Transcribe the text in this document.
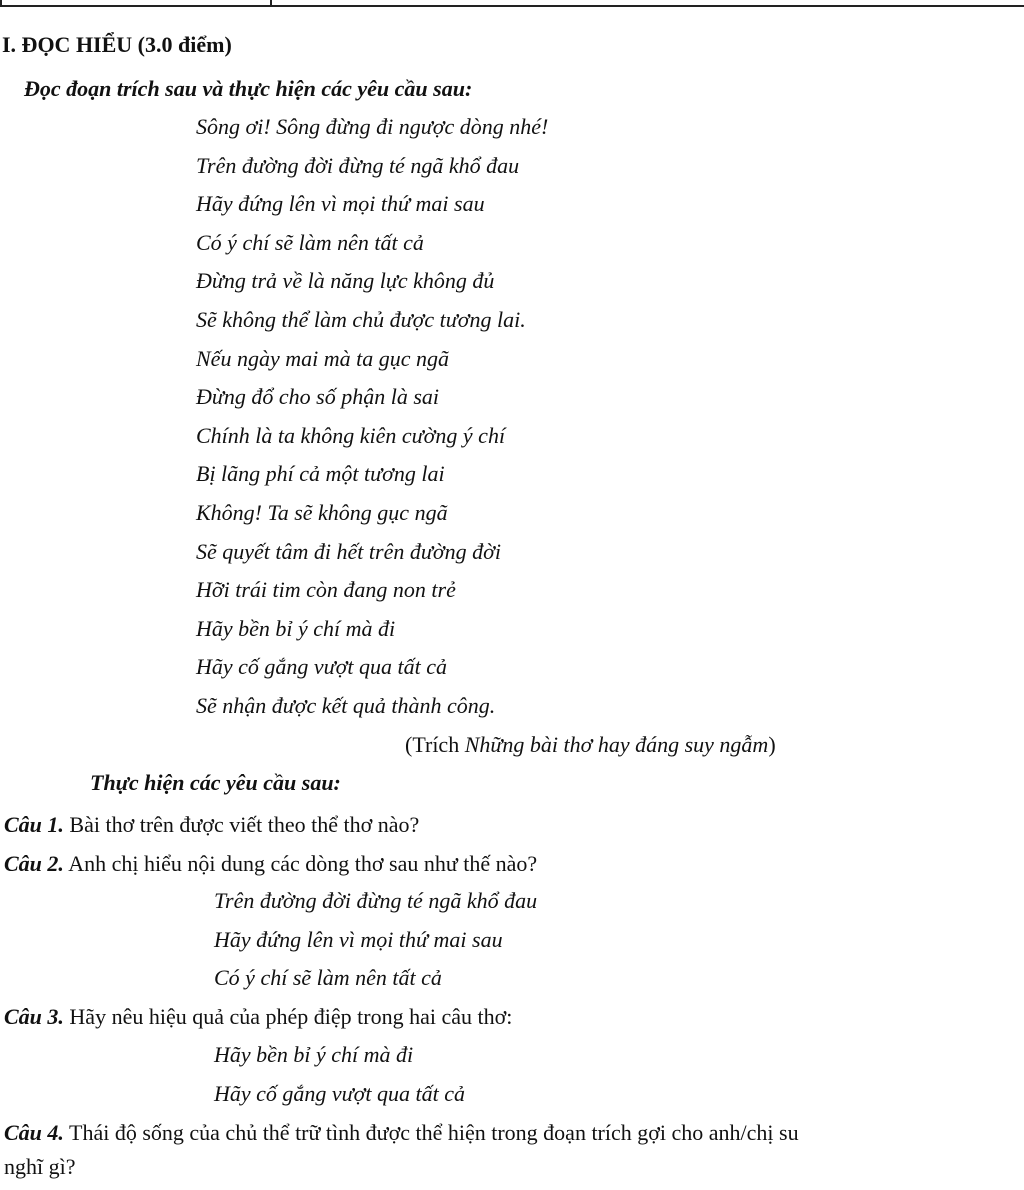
I. ĐỌC HIỂU (3.0 điểm)
Đọc đoạn trích sau và thực hiện các yêu cầu sau:
Sông ơi! Sông đừng đi ngược dòng nhé!
Trên đường đời đừng té ngã khổ đau
Hãy đứng lên vì mọi thứ mai sau
Có ý chí sẽ làm nên tất cả
Đừng trả về là năng lực không đủ
Sẽ không thể làm chủ được tương lai.
Nếu ngày mai mà ta gục ngã
Đừng đổ cho số phận là sai
Chính là ta không kiên cường ý chí
Bị lãng phí cả một tương lai
Không! Ta sẽ không gục ngã
Sẽ quyết tâm đi hết trên đường đời
Hỡi trái tim còn đang non trẻ
Hãy bền bỉ ý chí mà đi
Hãy cố gắng vượt qua tất cả
Sẽ nhận được kết quả thành công.
(Trích Những bài thơ hay đáng suy ngẫm)
Thực hiện các yêu cầu sau:
Câu 1. Bài thơ trên được viết theo thể thơ nào?
Câu 2. Anh chị hiểu nội dung các dòng thơ sau như thế nào?
Trên đường đời đừng té ngã khổ đau
Hãy đứng lên vì mọi thứ mai sau
Có ý chí sẽ làm nên tất cả
Câu 3. Hãy nêu hiệu quả của phép điệp trong hai câu thơ:
Hãy bền bỉ ý chí mà đi
Hãy cố gắng vượt qua tất cả
Câu 4. Thái độ sống của chủ thể trữ tình được thể hiện trong đoạn trích gợi cho anh/chị su
nghĩ gì?
